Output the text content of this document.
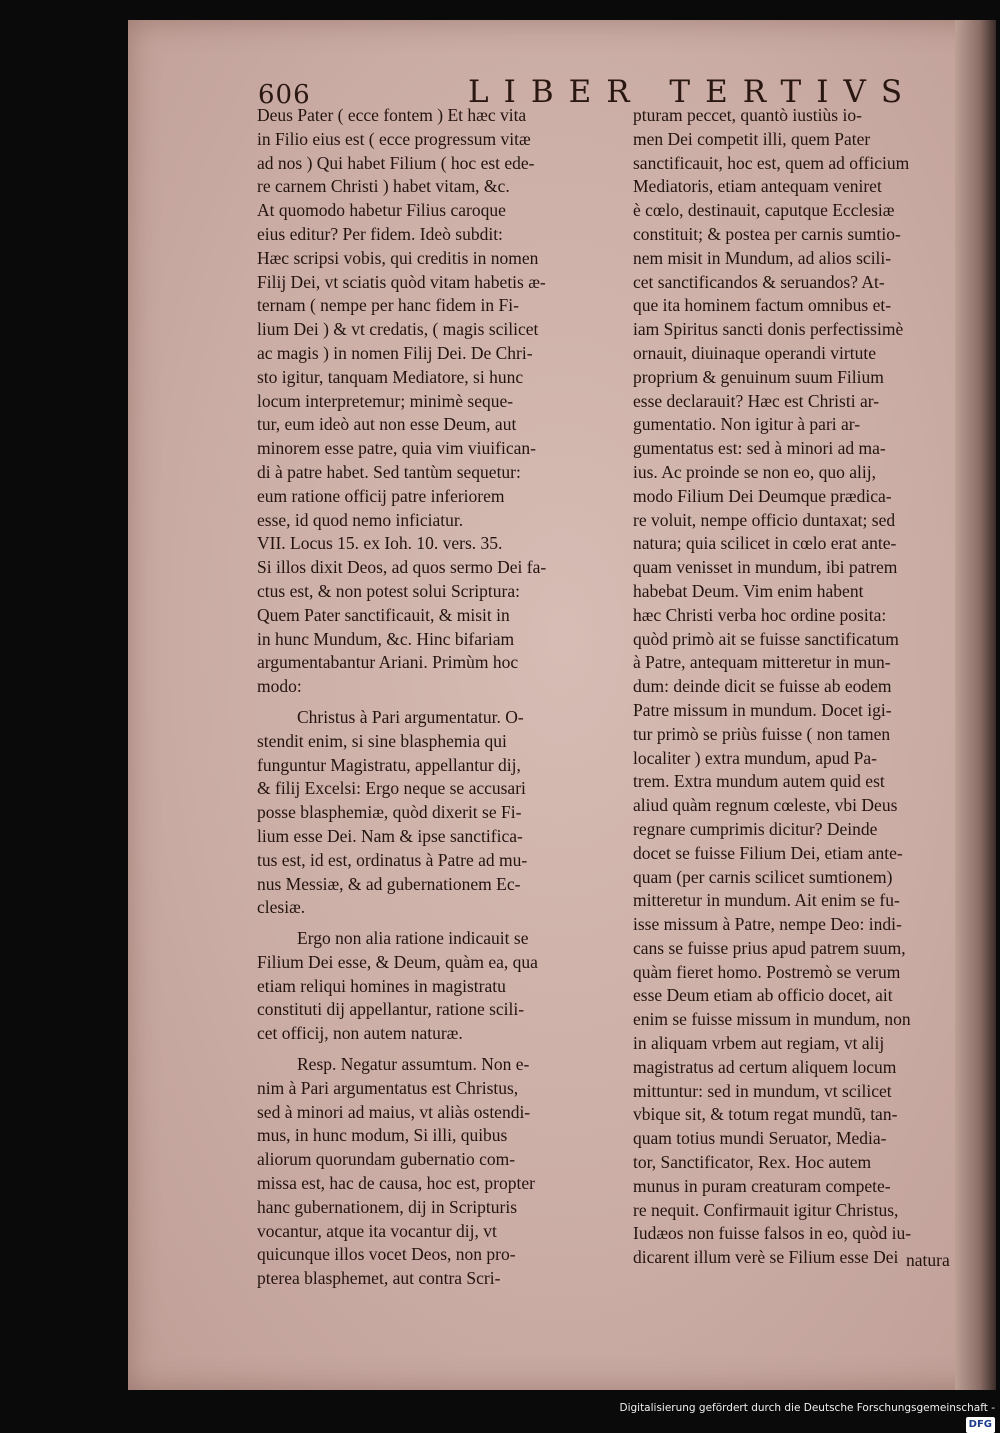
606	LIBER TERTIVS
Deus Pater ( ecce fontem ) Et hæc vita
in Filio eius est ( ecce progressum vitæ
ad nos ) Qui habet Filium ( hoc est ede-
re carnem Christi ) habet vitam, &c.
At quomodo habetur Filius caroque
eius editur? Per fidem. Ideò subdit:
Hæc scripsi vobis, qui creditis in nomen
Filij Dei, vt sciatis quòd vitam habetis æ-
ternam ( nempe per hanc fidem in Fi-
lium Dei ) & vt credatis, ( magis scilicet
ac magis ) in nomen Filij Dei. De Chri-
sto igitur, tanquam Mediatore, si hunc
locum interpretemur; minimè seque-
tur, eum ideò aut non esse Deum, aut
minorem esse patre, quia vim viuifican-
di à patre habet. Sed tantùm sequetur:
eum ratione officij patre inferiorem
esse, id quod nemo inficiatur.
VII. Locus 15. ex Ioh. 10. vers. 35.
Si illos dixit Deos, ad quos sermo Dei fa-
ctus est, & non potest solui Scriptura:
Quem Pater sanctificauit, & misit in
in hunc Mundum, &c. Hinc bifariam
argumentabantur Ariani. Primùm hoc
modo:
Christus à Pari argumentatur. O-
stendit enim, si sine blasphemia qui
funguntur Magistratu, appellantur dij,
& filij Excelsi: Ergo neque se accusari
posse blasphemiæ, quòd dixerit se Fi-
lium esse Dei. Nam & ipse sanctifica-
tus est, id est, ordinatus à Patre ad mu-
nus Messiæ, & ad gubernationem Ec-
clesiæ.
Ergo non alia ratione indicauit se
Filium Dei esse, & Deum, quàm ea, qua
etiam reliqui homines in magistratu
constituti dij appellantur, ratione scili-
cet officij, non autem naturæ.
Resp. Negatur assumtum. Non e-
nim à Pari argumentatus est Christus,
sed à minori ad maius, vt aliàs ostendi-
mus, in hunc modum, Si illi, quibus
aliorum quorundam gubernatio com-
missa est, hac de causa, hoc est, propter
hanc gubernationem, dij in Scripturis
vocantur, atque ita vocantur dij, vt
quicunque illos vocet Deos, non pro-
pterea blasphemet, aut contra Scri-
pturam peccet, quantò iustiùs io-
men Dei competit illi, quem Pater
sanctificauit, hoc est, quem ad officium
Mediatoris, etiam antequam veniret
è cœlo, destinauit, caputque Ecclesiæ
constituit; & postea per carnis sumtio-
nem misit in Mundum, ad alios scili-
cet sanctificandos & seruandos? At-
que ita hominem factum omnibus et-
iam Spiritus sancti donis perfectissimè
ornauit, diuinaque operandi virtute
proprium & genuinum suum Filium
esse declarauit? Hæc est Christi ar-
gumentatio. Non igitur à pari ar-
gumentatus est: sed à minori ad ma-
ius. Ac proinde se non eo, quo alij,
modo Filium Dei Deumque prædica-
re voluit, nempe officio duntaxat; sed
natura; quia scilicet in cœlo erat ante-
quam venisset in mundum, ibi patrem
habebat Deum. Vim enim habent
hæc Christi verba hoc ordine posita:
quòd primò ait se fuisse sanctificatum
à Patre, antequam mitteretur in mun-
dum: deinde dicit se fuisse ab eodem
Patre missum in mundum. Docet igi-
tur primò se priùs fuisse ( non tamen
localiter ) extra mundum, apud Pa-
trem. Extra mundum autem quid est
aliud quàm regnum cœleste, vbi Deus
regnare cumprimis dicitur? Deinde
docet se fuisse Filium Dei, etiam ante-
quam (per carnis scilicet sumtionem)
mitteretur in mundum. Ait enim se fu-
isse missum à Patre, nempe Deo: indi-
cans se fuisse prius apud patrem suum,
quàm fieret homo. Postremò se verum
esse Deum etiam ab officio docet, ait
enim se fuisse missum in mundum, non
in aliquam vrbem aut regiam, vt alij
magistratus ad certum aliquem locum
mittuntur: sed in mundum, vt scilicet
vbique sit, & totum regat mundũ, tan-
quam totius mundi Seruator, Media-
tor, Sanctificator, Rex. Hoc autem
munus in puram creaturam compete-
re nequit. Confirmauit igitur Christus,
Iudæos non fuisse falsos in eo, quòd iu-
dicarent illum verè se Filium esse Dei natura
Digitalisierung gefördert durch die Deutsche Forschungsgemeinschaft -DFG
